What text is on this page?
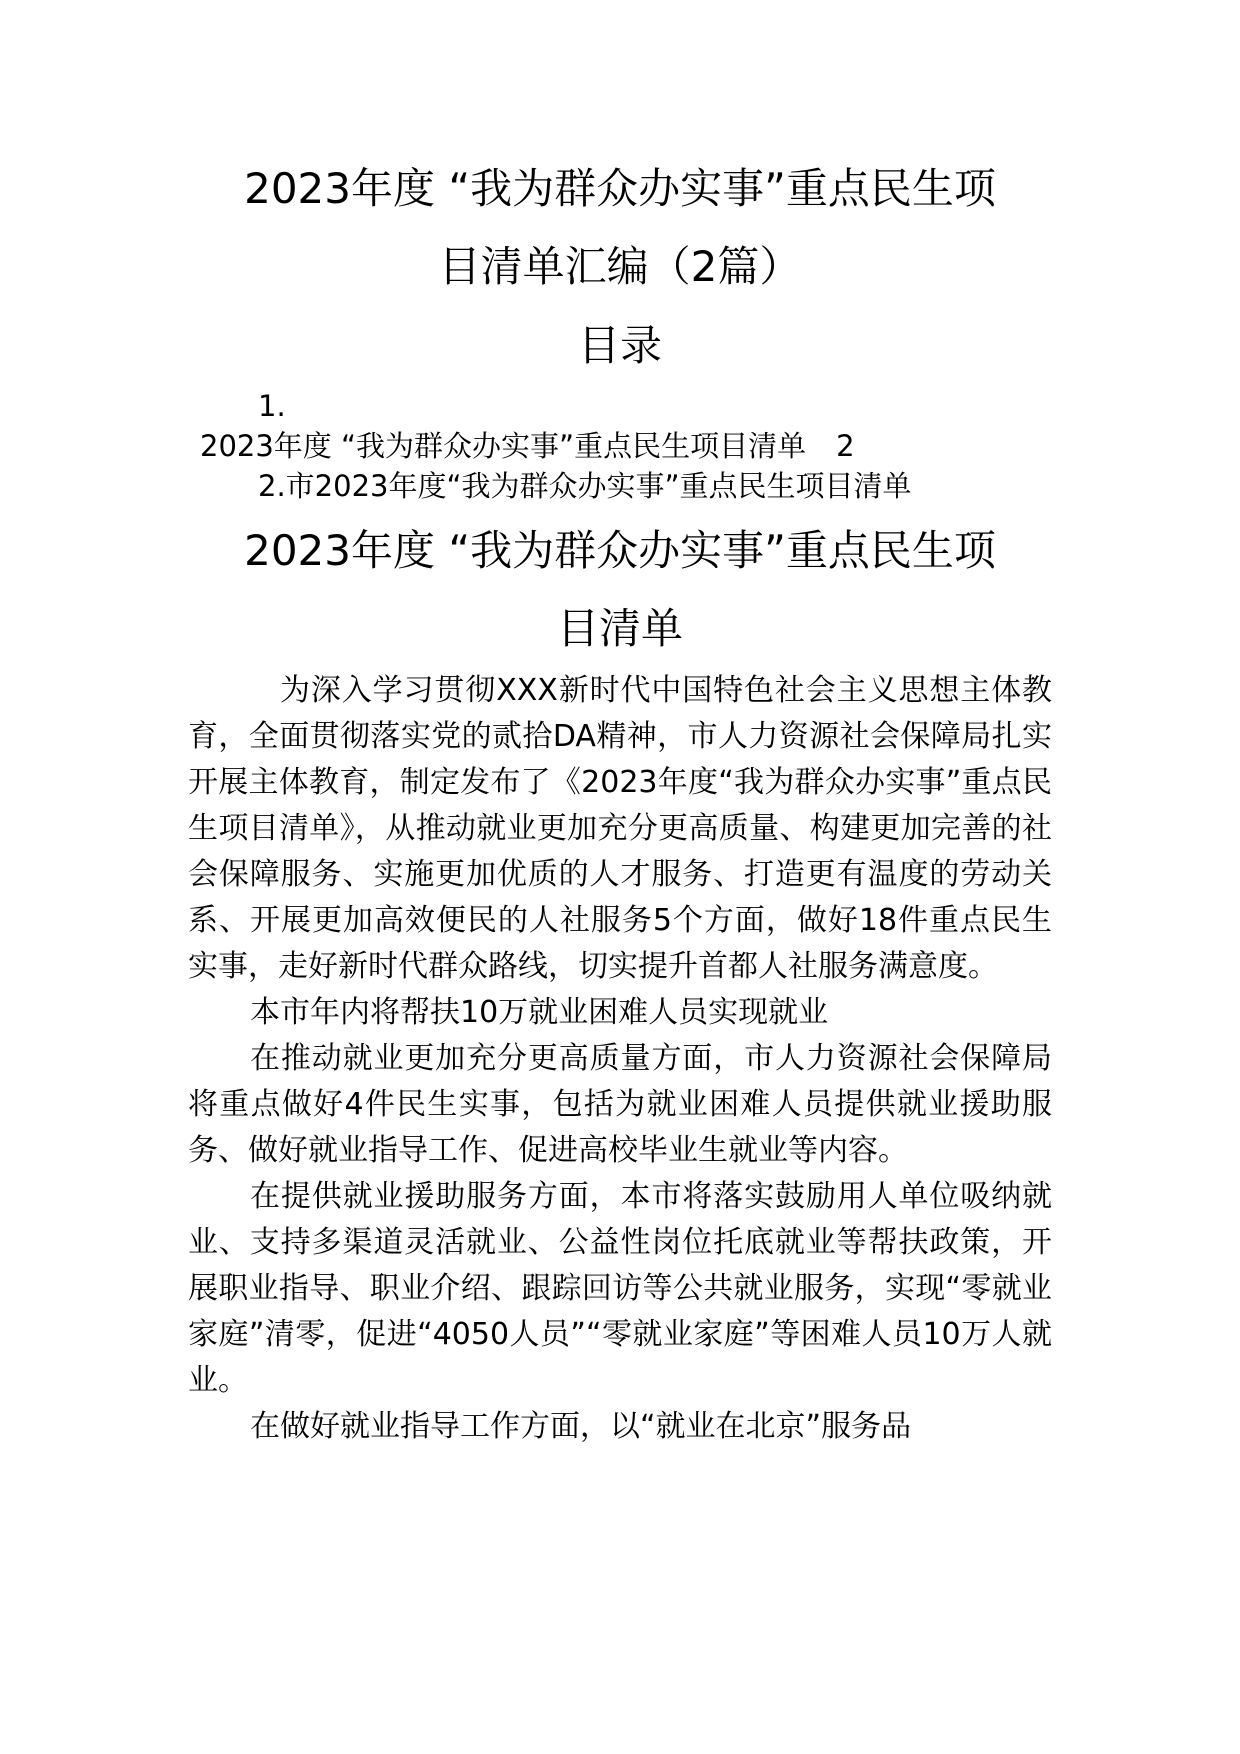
2023年度 “我为群众办实事”重点民生项
目清单汇编（2篇）
目录
1.
2023年度 “我为群众办实事”重点民生项目清单 2
2.市2023年度“我为群众办实事”重点民生项目清单
2023年度 “我为群众办实事”重点民生项
目清单

为深入学习贯彻XXX新时代中国特色社会主义思想主体教育，全面贯彻落实党的贰拾DA精神，市人力资源社会保障局扎实开展主体教育，制定发布了《2023年度“我为群众办实事”重点民生项目清单》，从推动就业更加充分更高质量、构建更加完善的社会保障服务、实施更加优质的人才服务、打造更有温度的劳动关系、开展更加高效便民的人社服务5个方面，做好18件重点民生实事，走好新时代群众路线，切实提升首都人社服务满意度。

本市年内将帮扶10万就业困难人员实现就业

在推动就业更加充分更高质量方面，市人力资源社会保障局将重点做好4件民生实事，包括为就业困难人员提供就业援助服务、做好就业指导工作、促进高校毕业生就业等内容。

在提供就业援助服务方面，本市将落实鼓励用人单位吸纳就业、支持多渠道灵活就业、公益性岗位托底就业等帮扶政策，开展职业指导、职业介绍、跟踪回访等公共就业服务，实现“零就业家庭”清零，促进“4050人员”“零就业家庭”等困难人员10万人就业。

在做好就业指导工作方面，以“就业在北京”服务品
